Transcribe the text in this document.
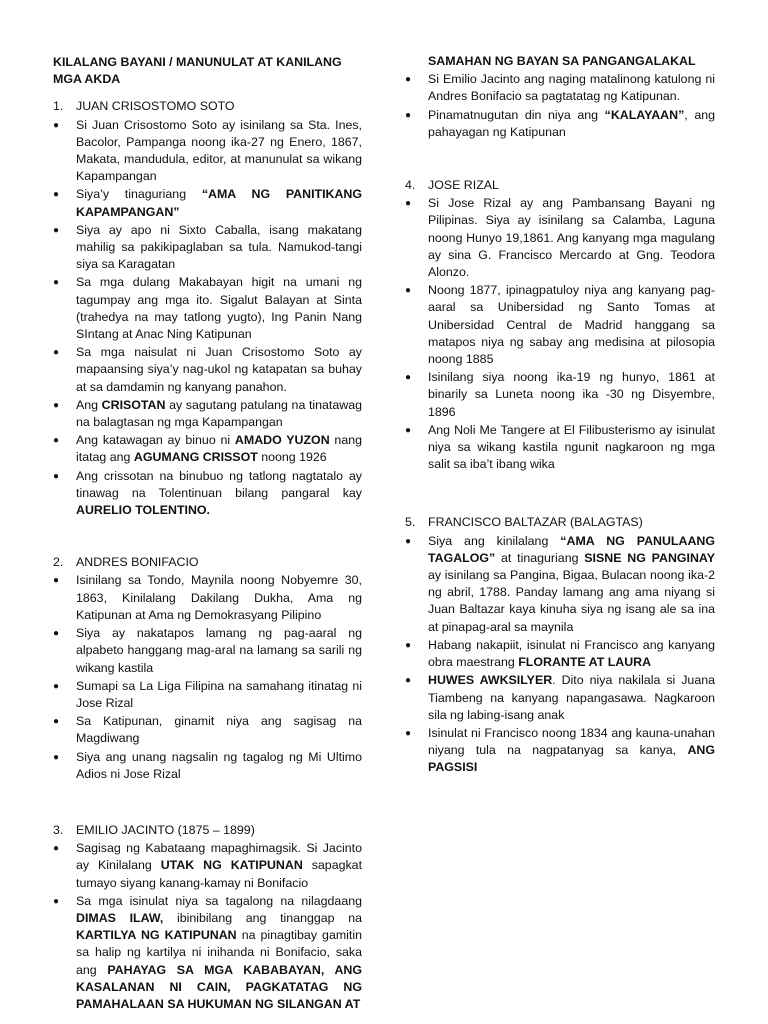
KILALANG BAYANI / MANUNULAT AT KANILANG MGA AKDA
1.	JUAN CRISOSTOMO SOTO
●	Si Juan Crisostomo Soto ay isinilang sa Sta. Ines, Bacolor, Pampanga noong ika-27 ng Enero, 1867, Makata, mandudula, editor, at manunulat sa wikang Kapampangan
●	Siya’y tinaguriang “AMA NG PANITIKANG KAPAMPANGAN”
●	Siya ay apo ni Sixto Caballa, isang makatang mahilig sa pakikipaglaban sa tula. Namukod-tangi siya sa Karagatan
●	Sa mga dulang Makabayan higit na umani ng tagumpay ang mga ito. Sigalut Balayan at Sinta (trahedya na may tatlong yugto), Ing Panin Nang SIntang at Anac Ning Katipunan
●	Sa mga naisulat ni Juan Crisostomo Soto ay mapaansing siya’y nag-ukol ng katapatan sa buhay at sa damdamin ng kanyang panahon.
●	Ang CRISOTAN ay sagutang patulang na tinatawag na balagtasan ng mga Kapampangan
●	Ang katawagan ay binuo ni AMADO YUZON nang itatag ang AGUMANG CRISSOT noong 1926
●	Ang crissotan na binubuo ng tatlong nagtatalo ay tinawag na Tolentinuan bilang pangaral kay AURELIO TOLENTINO.
2.	ANDRES BONIFACIO
●	Isinilang sa Tondo, Maynila noong Nobyemre 30, 1863, Kinilalang Dakilang Dukha, Ama ng Katipunan at Ama ng Demokrasyang Pilipino
●	Siya ay nakatapos lamang ng pag-aaral ng alpabeto hanggang mag-aral na lamang sa sarili ng wikang kastila
●	Sumapi sa La Liga Filipina na samahang itinatag ni Jose Rizal
●	Sa Katipunan, ginamit niya ang sagisag na Magdiwang
●	Siya ang unang nagsalin ng tagalog ng Mi Ultimo Adios ni Jose Rizal
3.	EMILIO JACINTO (1875 – 1899)
●	Sagisag ng Kabataang mapaghimagsik. Si Jacinto ay Kinilalang UTAK NG KATIPUNAN sapagkat tumayo siyang kanang-kamay ni Bonifacio
●	Sa mga isinulat niya sa tagalong na nilagdaang DIMAS ILAW, ibinibilang ang tinanggap na KARTILYA NG KATIPUNAN na pinagtibay gamitin sa halip ng kartilya ni inihanda ni Bonifacio, saka ang PAHAYAG SA MGA KABABAYAN, ANG KASALANAN NI CAIN, PAGKATATAG NG PAMAHALAAN SA HUKUMAN NG SILANGAN AT
SAMAHAN NG BAYAN SA PANGANGALAKAL
●	Si Emilio Jacinto ang naging matalinong katulong ni Andres Bonifacio sa pagtatatag ng Katipunan.
●	Pinamatnugutan din niya ang “KALAYAAN”, ang pahayagan ng Katipunan
4.	JOSE RIZAL
●	Si Jose Rizal ay ang Pambansang Bayani ng Pilipinas. Siya ay isinilang sa Calamba, Laguna noong Hunyo 19,1861. Ang kanyang mga magulang ay sina G. Francisco Mercardo at Gng. Teodora Alonzo.
●	Noong 1877, ipinagpatuloy niya ang kanyang pag-aaral sa Unibersidad ng Santo Tomas at Unibersidad Central de Madrid hanggang sa matapos niya ng sabay ang medisina at pilosopia noong 1885
●	Isinilang siya noong ika-19 ng hunyo, 1861 at binarily sa Luneta noong ika -30 ng Disyembre, 1896
●	Ang Noli Me Tangere at El Filibusterismo ay isinulat niya sa wikang kastila ngunit nagkaroon ng mga salit sa iba’t ibang wika
5.	FRANCISCO BALTAZAR (BALAGTAS)
●	Siya ang kinilalang “AMA NG PANULAANG TAGALOG” at tinaguriang SISNE NG PANGINAY ay isinilang sa Pangina, Bigaa, Bulacan noong ika-2 ng abril, 1788. Panday lamang ang ama niyang si Juan Baltazar kaya kinuha siya ng isang ale sa ina at pinapag-aral sa maynila
●	Habang nakapiit, isinulat ni Francisco ang kanyang obra maestrang FLORANTE AT LAURA
●	HUWES AWKSILYER. Dito niya nakilala si Juana Tiambeng na kanyang napangasawa. Nagkaroon sila ng labing-isang anak
●	Isinulat ni Francisco noong 1834 ang kauna-unahan niyang tula na nagpatanyag sa kanya, ANG PAGSISI
